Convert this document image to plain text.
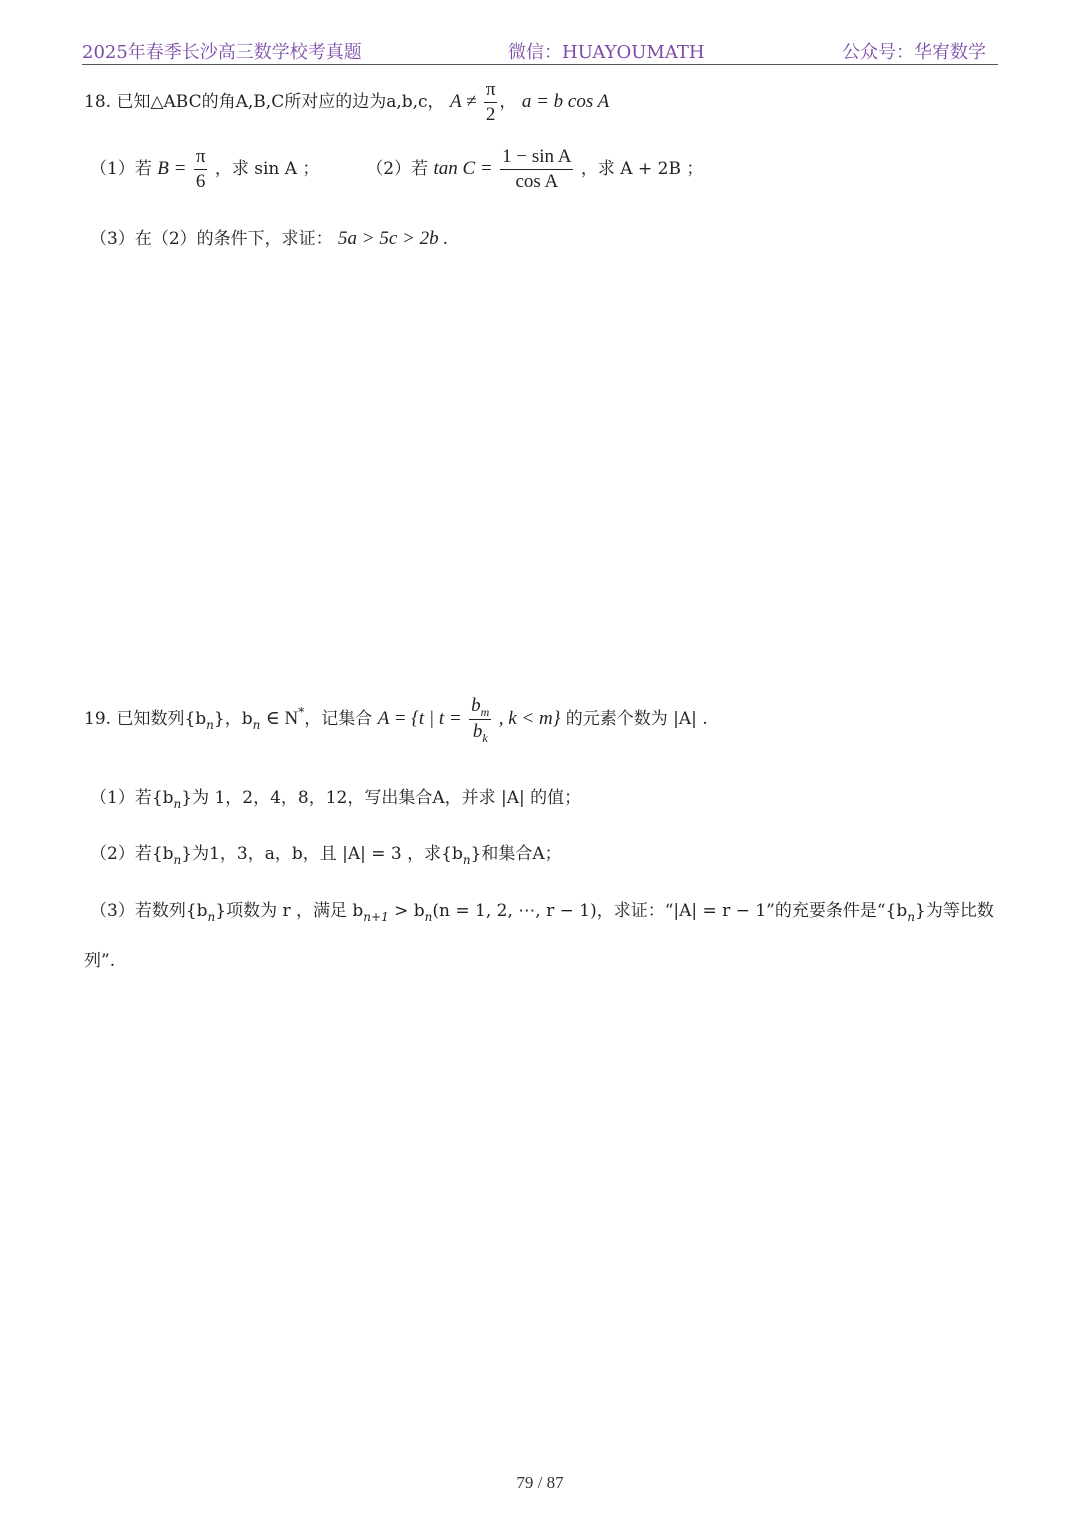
2025年春季长沙高三数学校考真题	微信：HUAYOUMATH	公众号：华宥数学
18. 已知△ABC的角A,B,C所对应的边为a,b,c， $A \ne \frac{\pi}{2}$ ， a = b cos A
（1）若 $B = \frac{\pi}{6}$ ，求 sin A ；	（2）若 $\tan C = \frac{\text{1 − sin A}}{\text{cos A}}$ ，求 A + 2B ；
（3）在（2）的条件下，求证： 5a > 5c > 2b .
19. 已知数列$\{b_n\}$，$b_n$ ∈ N*，记集合 A = {t | $t = \frac{b_m}{b_k}$ , k < m} 的元素个数为 |A| .
（1）若$\{b_n\}$为 1，2，4，8，12，写出集合A，并求 |A| 的值；
（2）若$\{b_n\}$为1，3，a，b，且 |A| = 3 ，求$\{b_n\}$和集合A；
（3）若数列$\{b_n\}$项数为 r ，满足 $b_{n+1} > b_n(n = 1$, 2, ⋯, r − 1)，求证：“|A| = r − 1”的充要条件是“$\{b_n\}$为等比数
列”.
79 / 87
